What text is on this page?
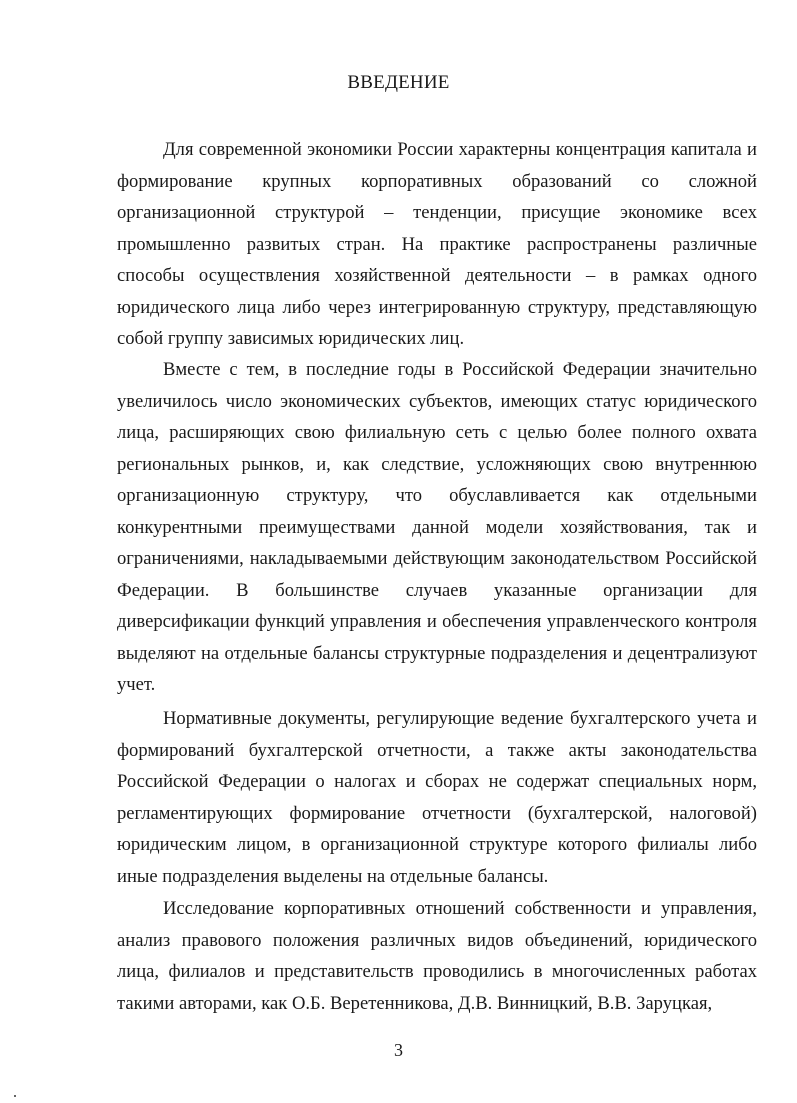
ВВЕДЕНИЕ

Для современной экономики России характерны концентрация капитала и формирование крупных корпоративных образований со сложной организационной структурой – тенденции, присущие экономике всех промышленно развитых стран. На практике распространены различные способы осуществления хозяйственной деятельности – в рамках одного юридического лица либо через интегрированную структуру, представляющую собой группу зависимых юридических лиц.

Вместе с тем, в последние годы в Российской Федерации значительно увеличилось число экономических субъектов, имеющих статус юридического лица, расширяющих свою филиальную сеть с целью более полного охвата региональных рынков, и, как следствие, усложняющих свою внутреннюю организационную структуру, что обуславливается как отдельными конкурентными преимуществами данной модели хозяйствования, так и ограничениями, накладываемыми действующим законодательством Российской Федерации. В большинстве случаев указанные организации для диверсификации функций управления и обеспечения управленческого контроля выделяют на отдельные балансы структурные подразделения и децентрализуют учет.

Нормативные документы, регулирующие ведение бухгалтерского учета и формирований бухгалтерской отчетности, а также акты законодательства Российской Федерации о налогах и сборах не содержат специальных норм, регламентирующих формирование отчетности (бухгалтерской, налоговой) юридическим лицом, в организационной структуре которого филиалы либо иные подразделения выделены на отдельные балансы.

Исследование корпоративных отношений собственности и управления, анализ правового положения различных видов объединений, юридического лица, филиалов и представительств проводились в многочисленных работах такими авторами, как О.Б. Веретенникова, Д.В. Винницкий, В.В. Заруцкая,

3
